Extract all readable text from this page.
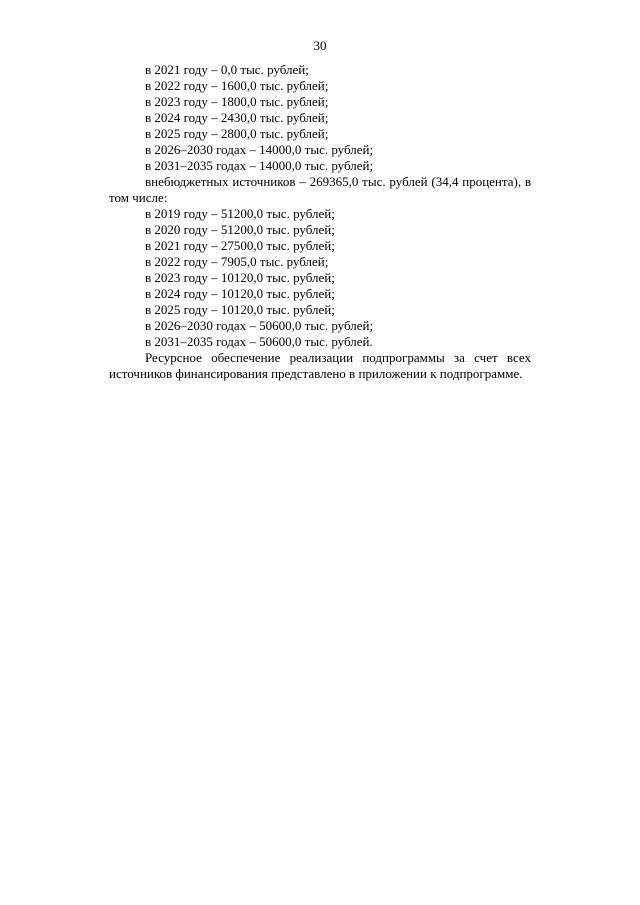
30

в 2021 году – 0,0 тыс. рублей;

в 2022 году – 1600,0 тыс. рублей;

в 2023 году – 1800,0 тыс. рублей;

в 2024 году – 2430,0 тыс. рублей;

в 2025 году – 2800,0 тыс. рублей;

в 2026–2030 годах – 14000,0 тыс. рублей;

в 2031–2035 годах – 14000,0 тыс. рублей;

внебюджетных источников – 269365,0 тыс. рублей (34,4 процента), в том числе:

в 2019 году – 51200,0 тыс. рублей;

в 2020 году – 51200,0 тыс. рублей;

в 2021 году – 27500,0 тыс. рублей;

в 2022 году – 7905,0 тыс. рублей;

в 2023 году – 10120,0 тыс. рублей;

в 2024 году – 10120,0 тыс. рублей;

в 2025 году – 10120,0 тыс. рублей;

в 2026–2030 годах – 50600,0 тыс. рублей;

в 2031–2035 годах – 50600,0 тыс. рублей.

Ресурсное обеспечение реализации подпрограммы за счет всех источников финансирования представлено в приложении к подпрограмме.
